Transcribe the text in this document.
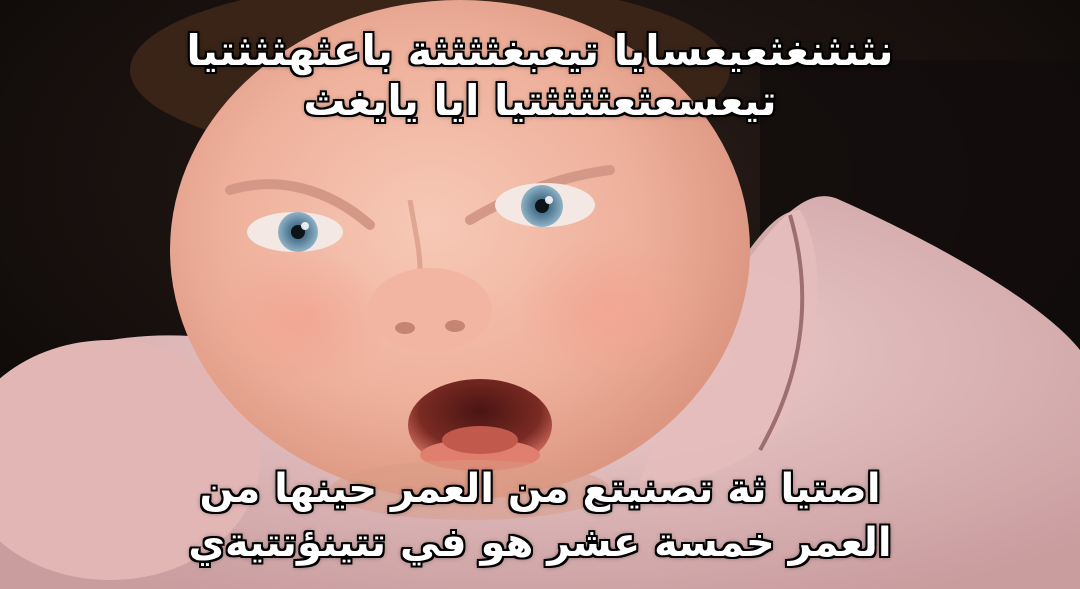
نثنثنغثعيعسايا تيعبغثثثثة باعثهثثثتيا
تيعسعثعثثثثتيا ايا يايغث
اصتيا ثة تصنيتع من العمر حينها من
العمر خمسة عشر هو في تتينؤتتيةي
